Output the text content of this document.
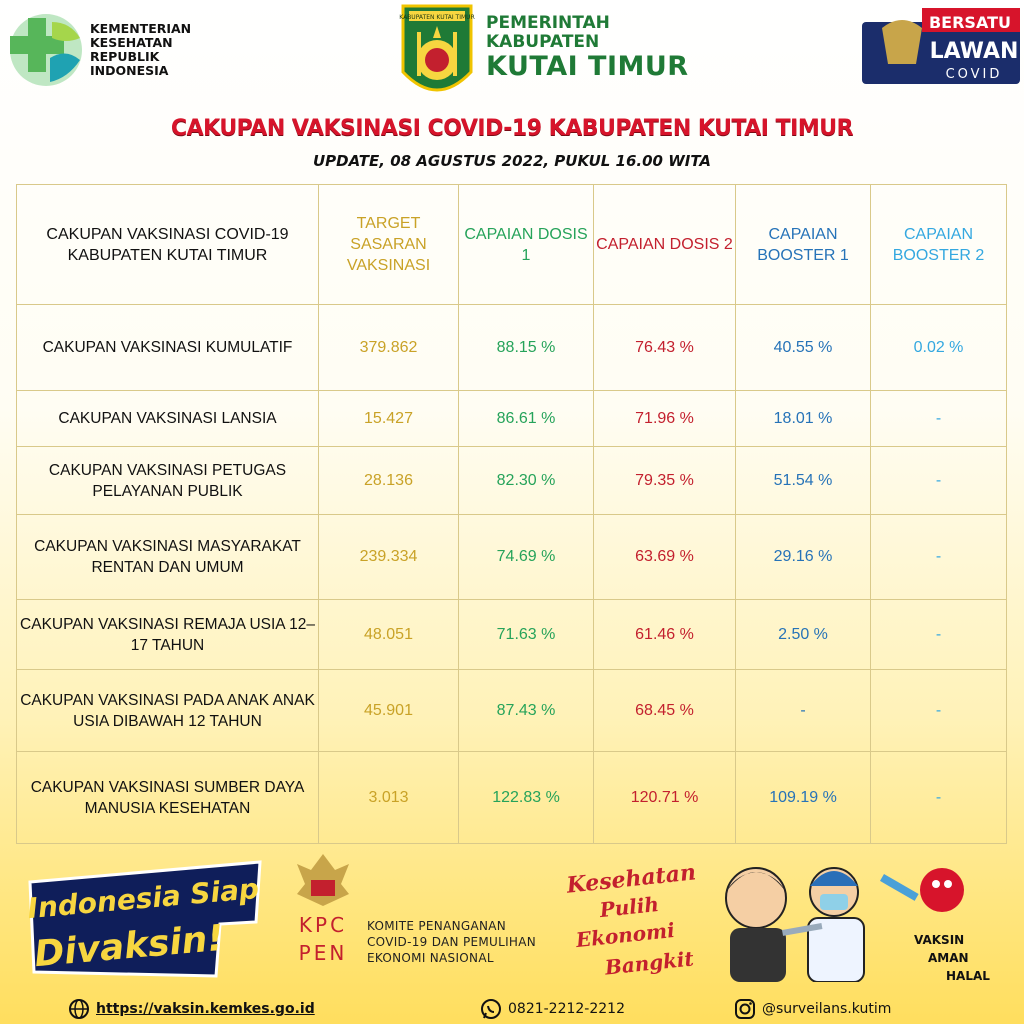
KEMENTERIAN
KESEHATAN
REPUBLIK
INDONESIA
KABUPATEN KUTAI TIMUR PEMERINTAH
KABUPATEN
KUTAI TIMUR
BERSATU
LAWAN
COVID
CAKUPAN VAKSINASI COVID-19 KABUPATEN KUTAI TIMUR
UPDATE, 08 AGUSTUS 2022, PUKUL 16.00 WITA
CAKUPAN VAKSINASI COVID-19 KABUPATEN KUTAI TIMUR	TARGET SASARAN VAKSINASI	CAPAIAN DOSIS 1	CAPAIAN DOSIS 2	CAPAIAN BOOSTER 1	CAPAIAN BOOSTER 2
CAKUPAN VAKSINASI KUMULATIF	379.862	88.15 %	76.43 %	40.55 %	0.02 %
CAKUPAN VAKSINASI LANSIA	15.427	86.61 %	71.96 %	18.01 %	-
CAKUPAN VAKSINASI PETUGAS PELAYANAN PUBLIK	28.136	82.30 %	79.35 %	51.54 %	-
CAKUPAN VAKSINASI MASYARAKAT RENTAN DAN UMUM	239.334	74.69 %	63.69 %	29.16 %	-
CAKUPAN VAKSINASI REMAJA USIA 12–17 TAHUN	48.051	71.63 %	61.46 %	2.50 %	-
CAKUPAN VAKSINASI PADA ANAK ANAK USIA DIBAWAH 12 TAHUN	45.901	87.43 %	68.45 %	-	-
CAKUPAN VAKSINASI SUMBER DAYA MANUSIA KESEHATAN	3.013	122.83 %	120.71 %	109.19 %	-
Indonesia Siap
Divaksin!	KPC
PEN
KOMITE PENANGANAN
COVID-19 DAN PEMULIHAN
EKONOMI NASIONAL
Kesehatan
Pulih
Ekonomi
Bangkit
VAKSIN
AMAN
HALAL
https://vaksin.kemkes.go.id	0821-2212-2212	@surveilans.kutim
